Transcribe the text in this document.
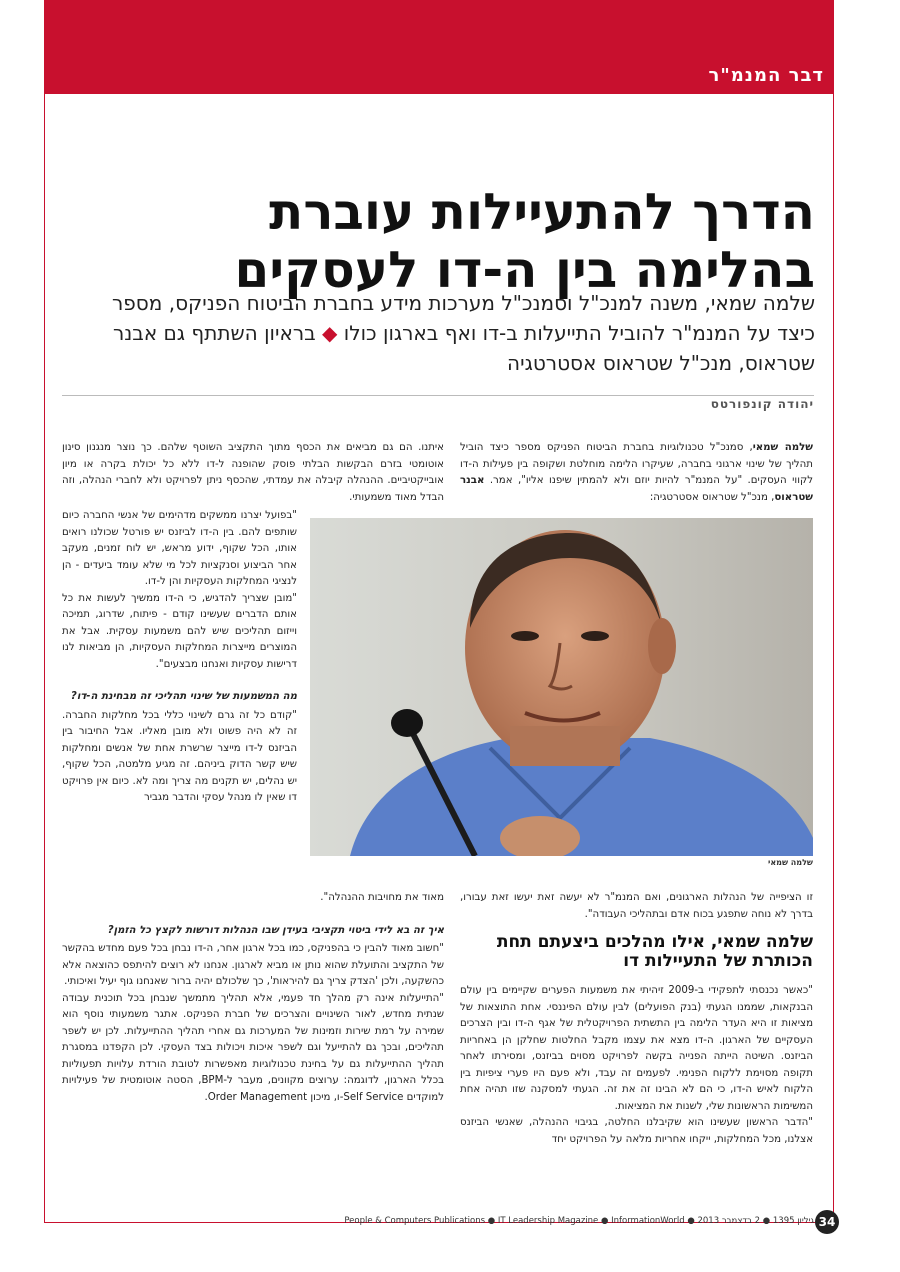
דבר המנמ"ר
הדרך להתעיילות עוברת בהלימה בין ה-דו לעסקים
שלמה שמאי, משנה למנכ"ל וסמנכ"ל מערכות מידע בחברת הביטוח הפניקס, מספר כיצד על המנמ"ר להוביל התייעלות ב-דו ואף בארגון כולו ◆ בראיון השתתף גם אבנר שטראוס, מנכ"ל שטראוס אסטרטגיה
יהודה קונפורטס

שלמה שמאי, סמנכ"ל טכנולוגיות בחברת הביטוח הפניקס מספר כיצד הוביל תהליך של שינוי ארגוני בחברה, שעיקרו הלימה מוחלטת ושקופה בין פעילות ה-דו לקווי העסקים. "על המנמ"ר להיות יוזם ולא להמתין שיפנו אליו", אמר. אבנר שטראוס, מנכ"ל שטראוס אסטרטגיה:

שלמה שמאי

איתנו. הם גם מביאים את הכסף מתוך התקציב השוטף שלהם. כך נוצר מנגנון סינון אוטומטי בזרם הבקשות הבלתי פוסק שהופנה ל-דו ללא כל יכולת בקרה או מיון אובייקטיביים. ההנהלה קיבלה את עמדתי, שהכסף ניתן לפרויקט ולא לחברי הנהלה, וזה הבדל מאוד משמעותי.

"בפועל יצרנו ממשקים מדהימים של אנשי החברה כיום שותפים להם. בין ה-דו לביזנס יש פורטל שכולנו רואים אותו, הכל שקוף, ידוע מראש, יש לוח זמנים, מעקב אחר הביצוע וסנקציות לכל מי שלא עומד ביעדים - הן לנציגי המחלקות העסקיות והן ל-דו.

"מובן שצריך להדגיש, כי ה-דו ממשיך לעשות את כל אותם הדברים שעשינו קודם - פיתוח, שדרוג, תמיכה וייזום תהליכים שיש להם משמעות עסקית. אבל את המוצרים מייצרות המחלקות העסקיות, הן מביאות לנו דרישות עסקיות ואנחנו מבצעים".

מה המשמעות של שינוי תהליכי זה מבחינת ה-דו?

"קודם כל זה גרם לשינוי כללי בכל מחלקות החברה. זה לא היה פשוט ולא מובן מאליו. אבל החיבור בין הביזנס ל-דו מייצר שרשרת אחת של אנשים ומחלקות שיש קשר הדוק ביניהם. זה מגיע מלמטה, הכל שקוף, יש נהלים, יש תקנים מה צריך ומה לא. כיום אין פרויקט דו שאין לו מנהל עסקי והדבר מגביר

מאוד את מחויבות ההנהלה".

איך זה בא לידי ביטוי תקציבי בעידן שבו הנהלות דורשות לקצץ כל הזמן?

"חשוב מאוד להבין כי בהפניקס, כמו בכל ארגון אחר, ה-דו נבחן בכל פעם מחדש בהקשר של התקציב והתועלת שהוא נותן או מביא לארגון. אנחנו לא רוצים להיתפס כהוצאה אלא כהשקעה, ולכן 'הצדק צריך גם להיראות', כך שלכולם יהיה ברור שאנחנו גוף יעיל ואיכותי.

"התייעלות אינה רק מהלך חד פעמי, אלא תהליך מתמשך שנבחן בכל תוכנית עבודה שנתית מחדש, לאור השינויים והצרכים של חברת הפניקס. אתגר משמעותי נוסף הוא שמירה על רמת שירות וזמינות של המערכות גם אחרי תהליך ההתייעלות. לכן יש לשפר תהליכים, ובכך גם להתייעל וגם לשפר איכות ויכולות בצד העסקי. לכן הקפדנו במסגרת תהליך ההתייעלות גם על בחינת טכנולוגיות מאפשרות לטובת הורדת עלויות תפעוליות בכלל הארגון, לדוגמה: ערוצים מקוונים, מעבר ל-BPM, הסטה אוטומטית של פעילויות למוקדים Self Service-ו, מיכון Order Management.

זו הציפייה של הנהלות הארגונים, ואם המנמ"ר לא יעשה זאת יעשו זאת עבורו, בדרך לא נוחה שתפגע בכוח אדם ובתהליכי העבודה".

שלמה שמאי, אילו מהלכים ביצעתם תחת הכותרת של התעיילות דו

"כאשר נכנסתי לתפקידי ב-2009 זיהיתי את משמעות הפערים שקיימים בין עולם הבנקאות, שממנו הגעתי (בנק הפועלים) לבין עולם הפיננסי. אחת התוצאות של מציאות זו היא העדר הלימה בין התשתית הפרויקטלית של אגף ה-דו ובין הצרכים העסקיים של הארגון. ה-דו מצא את עצמו מקבל החלטות שחלקן הן באחריות הביזנס. השיטה הייתה הפנייה בקשה לפרויקט מסוים בביזנס, ומסירתו לאחר תקופה מסוימת ללקוח הפנימי. לפעמים זה עבד, ולא פעם היו פערי ציפיות בין הלקוח לאיש ה-דו, כי הם לא הבינו זה את זה. הגעתי למסקנה שזו תהיה אחת המשימות הראשונות שלי, לשנות את המציאות.

"הדבר הראשון שעשינו הוא שקיבלנו החלטה, בגיבוי ההנהלה, שאנשי הביזנס אצלנו, מכל המחלקות, ייקחו אחריות מלאה על הפרויקט יחד

People & Computers Publications ● IT Leadership Magazine ● InformationWorld ● 2013 גיליון 1395 ● 2 בדצמבר 34
